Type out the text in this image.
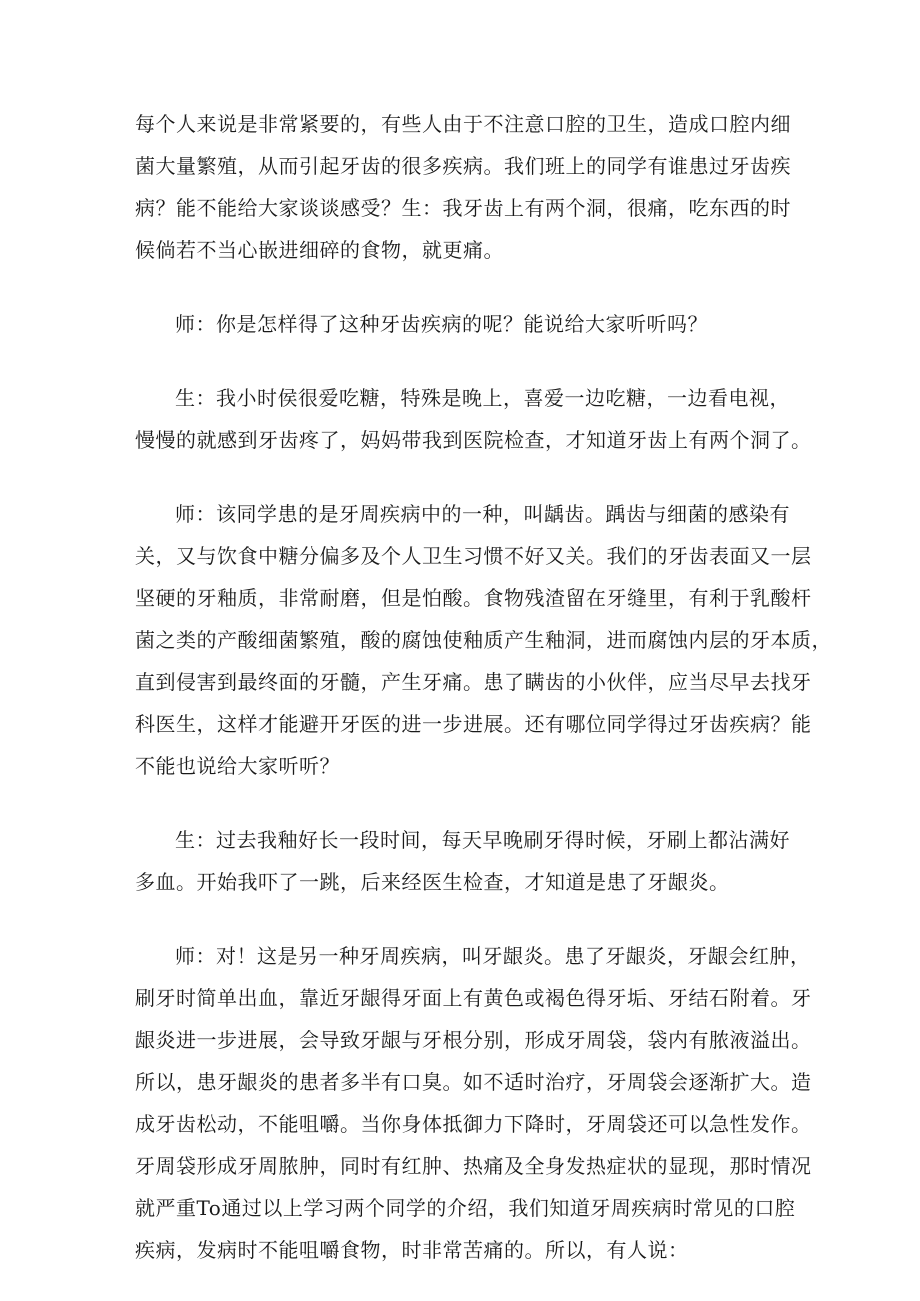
每个人来说是非常紧要的，有些人由于不注意口腔的卫生，造成口腔内细
菌大量繁殖，从而引起牙齿的很多疾病。我们班上的同学有谁患过牙齿疾
病？能不能给大家谈谈感受？生：我牙齿上有两个洞，很痛，吃东西的时
候倘若不当心嵌进细碎的食物，就更痛。
师：你是怎样得了这种牙齿疾病的呢？能说给大家听听吗？
生：我小时侯很爱吃糖，特殊是晚上，喜爱一边吃糖，一边看电视，
慢慢的就感到牙齿疼了，妈妈带我到医院检查，才知道牙齿上有两个洞了。
师：该同学患的是牙周疾病中的一种，叫龋齿。踽齿与细菌的感染有
关，又与饮食中糖分偏多及个人卫生习惯不好又关。我们的牙齿表面又一层
坚硬的牙釉质，非常耐磨，但是怕酸。食物残渣留在牙缝里，有利于乳酸杆
菌之类的产酸细菌繁殖，酸的腐蚀使釉质产生釉洞，进而腐蚀内层的牙本质，
直到侵害到最终面的牙髓，产生牙痛。患了瞒齿的小伙伴，应当尽早去找牙
科医生，这样才能避开牙医的进一步进展。还有哪位同学得过牙齿疾病？能
不能也说给大家听听？
生：过去我釉好长一段时间，每天早晚刷牙得时候，牙刷上都沾满好
多血。开始我吓了一跳，后来经医生检查，才知道是患了牙龈炎。
师：对！这是另一种牙周疾病，叫牙龈炎。患了牙龈炎，牙龈会红肿，
刷牙时简单出血，靠近牙龈得牙面上有黄色或褐色得牙垢、牙结石附着。牙
龈炎进一步进展，会导致牙龈与牙根分别，形成牙周袋，袋内有脓液溢出。
所以，患牙龈炎的患者多半有口臭。如不适时治疗，牙周袋会逐渐扩大。造
成牙齿松动，不能咀嚼。当你身体抵御力下降时，牙周袋还可以急性发作。
牙周袋形成牙周脓肿，同时有红肿、热痛及全身发热症状的显现，那时情况
就严重To通过以上学习两个同学的介绍，我们知道牙周疾病时常见的口腔
疾病，发病时不能咀嚼食物，时非常苦痛的。所以，有人说：
